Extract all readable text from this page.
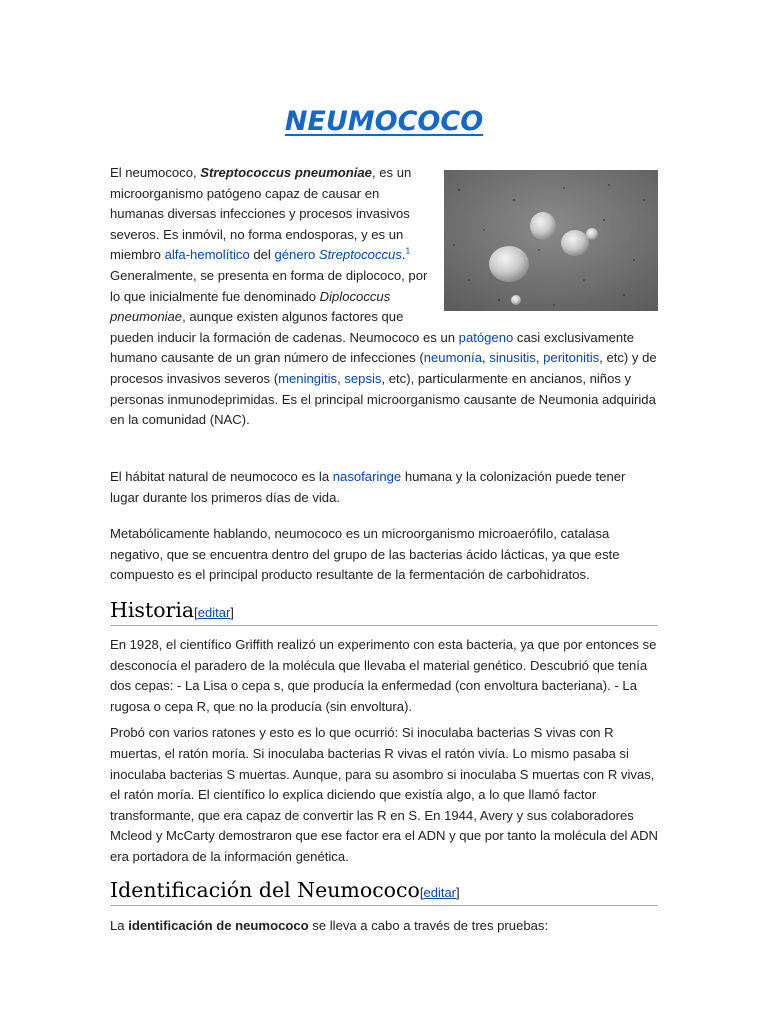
NEUMOCOCO

El neumococo, Streptococcus pneumoniae, es un microorganismo patógeno capaz de causar en humanas diversas infecciones y procesos invasivos severos. Es inmóvil, no forma endosporas, y es un miembro alfa-hemolítico del género Streptococcus.$^1$ Generalmente, se presenta en forma de diplococo, por lo que inicialmente fue denominado Diplococcus pneumoniae, aunque existen algunos factores que pueden inducir la formación de cadenas. Neumococo es un patógeno casi exclusivamente humano causante de un gran número de infecciones (neumonía, sinusitis, peritonitis, etc) y de procesos invasivos severos (meningitis, sepsis, etc), particularmente en ancianos, niños y personas inmunodeprimidas. Es el principal microorganismo causante de Neumonia adquirida en la comunidad (NAC).

El hábitat natural de neumococo es la nasofaringe humana y la colonización puede tener lugar durante los primeros días de vida.

Metabólicamente hablando, neumococo es un microorganismo microaerófilo, catalasa negativo, que se encuentra dentro del grupo de las bacterias ácido lácticas, ya que este compuesto es el principal producto resultante de la fermentación de carbohidratos.

Historia[editar]

En 1928, el científico Griffith realizó un experimento con esta bacteria, ya que por entonces se desconocía el paradero de la molécula que llevaba el material genético. Descubrió que tenía dos cepas: - La Lisa o cepa s, que producía la enfermedad (con envoltura bacteriana). - La rugosa o cepa R, que no la producía (sin envoltura).

Probó con varios ratones y esto es lo que ocurrió: Si inoculaba bacterias S vivas con R muertas, el ratón moría. Si inoculaba bacterias R vivas el ratón vivía. Lo mismo pasaba si inoculaba bacterias S muertas. Aunque, para su asombro si inoculaba S muertas con R vivas, el ratón moría. El científico lo explica diciendo que existía algo, a lo que llamó factor transformante, que era capaz de convertir las R en S. En 1944, Avery y sus colaboradores Mcleod y McCarty demostraron que ese factor era el ADN y que por tanto la molécula del ADN era portadora de la información genética.

Identificación del Neumococo[editar]

La identificación de neumococo se lleva a cabo a través de tres pruebas:
